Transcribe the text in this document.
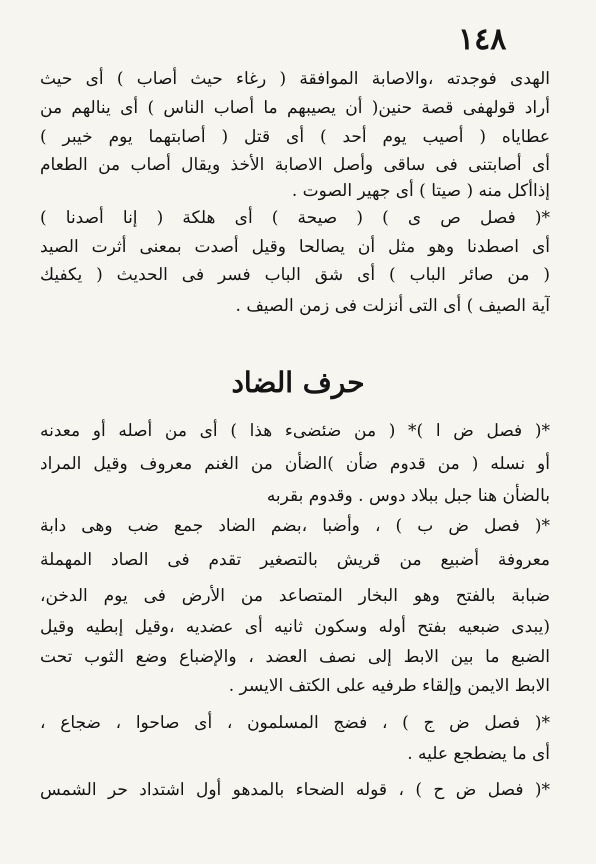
١٤٨
الهدى فوجدته ،والاصابة الموافقة ( رغاء حيث أصاب ) أى حيث
أراد قولهفى قصة حنين( أن يصيبهم ما أصاب الناس ) أى ينالهم من
عطاياه ( أصيب يوم أحد ) أى قتل ( أصابتهما يوم خيبر )
أى أصابتنى فى ساقى وأصل الاصابة الأخذ ويقال أصاب من الطعام
إذاأكل منه ( صيتا ) أى جهير الصوت .
*( فصل ص ى ) ( صيحة ) أى هلكة ( إنا أصدنا )
أى اصطدنا وهو مثل أن يصالحا وقيل أصدت بمعنى أثرت الصيد
( من صائر الباب ) أى شق الباب فسر فى الحديث ( يكفيك
آية الصيف ) أى التى أنزلت فى زمن الصيف .
حرف الضاد
*( فصل ض ا )* ( من ضئضىء هذا ) أى من أصله أو معدنه
أو نسله ( من قدوم ضأن )الضأن من الغنم معروف وقيل المراد
بالضأن هنا جبل ببلاد دوس . وقدوم بقربه
*( فصل ض ب ) ، وأضبا ،بضم الضاد جمع ضب وهى دابة
معروفة أضبيع من قريش بالتصغير تقدم فى الصاد المهملة
ضبابة بالفتح وهو البخار المتصاعد من الأرض فى يوم الدخن،
(يبدى ضبعيه بفتح أوله وسكون ثانيه أى عضديه ،وقيل إبطيه وقيل
الضبع ما بين الابط إلى نصف العضد ، والإضباع وضع الثوب تحت
الابط الايمن وإلقاء طرفيه على الكتف الايسر .
*( فصل ض ج ) ، فضج المسلمون ، أى صاحوا ، ضجاع ،
أى ما يضطجع عليه .
*( فصل ض ح ) ، قوله الضحاء بالمدهو أول اشتداد حر الشمس
